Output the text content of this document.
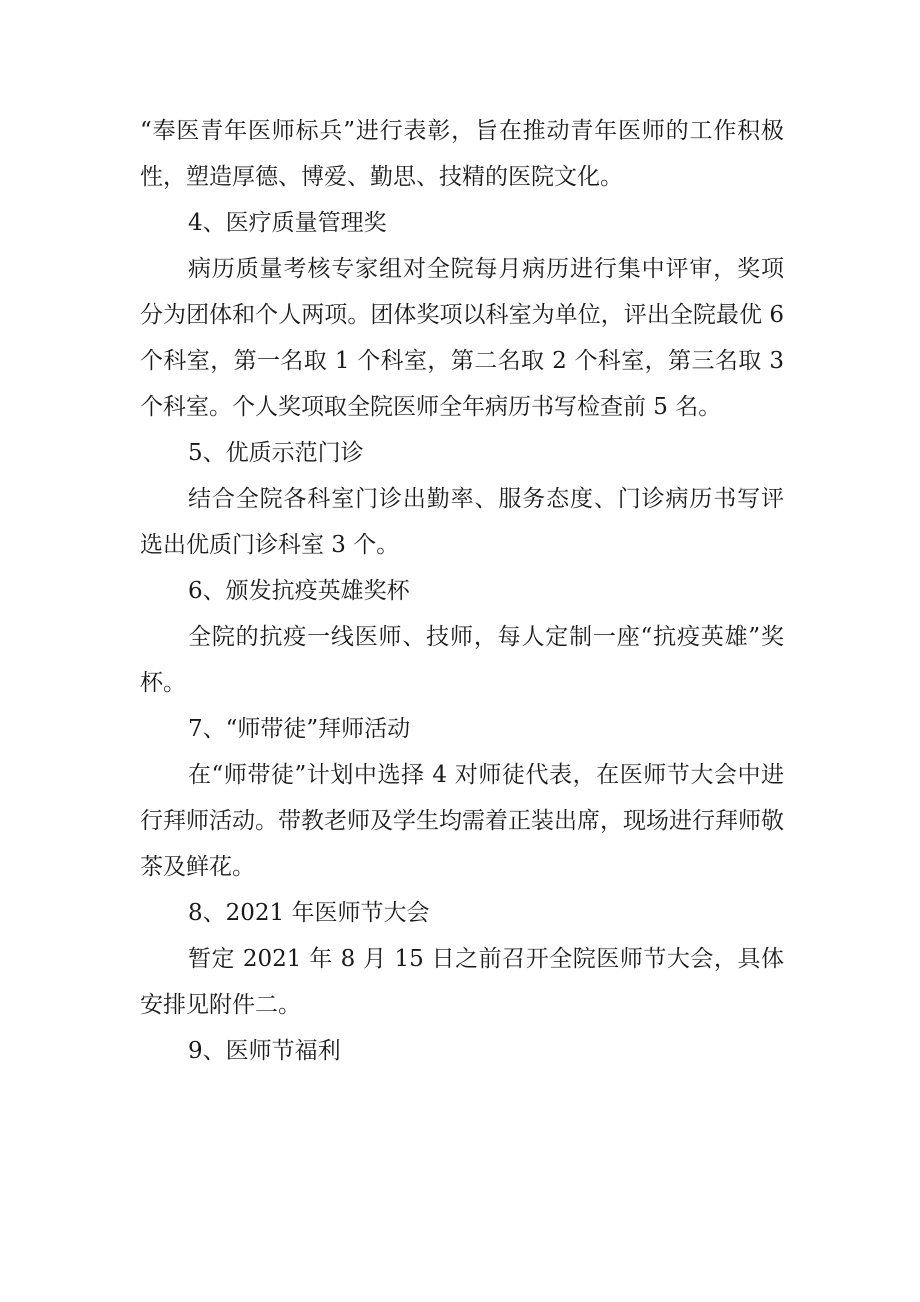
“奉医青年医师标兵”进行表彰，旨在推动青年医师的工作积极性，塑造厚德、博爱、勤思、技精的医院文化。

4、医疗质量管理奖

病历质量考核专家组对全院每月病历进行集中评审，奖项分为团体和个人两项。团体奖项以科室为单位，评出全院最优 6 个科室，第一名取 1 个科室，第二名取 2 个科室，第三名取 3 个科室。个人奖项取全院医师全年病历书写检查前 5 名。

5、优质示范门诊

结合全院各科室门诊出勤率、服务态度、门诊病历书写评选出优质门诊科室 3 个。

6、颁发抗疫英雄奖杯

全院的抗疫一线医师、技师，每人定制一座“抗疫英雄”奖杯。

7、“师带徒”拜师活动

在“师带徒”计划中选择 4 对师徒代表，在医师节大会中进行拜师活动。带教老师及学生均需着正装出席，现场进行拜师敬茶及鲜花。

8、2021 年医师节大会

暂定 2021 年 8 月 15 日之前召开全院医师节大会，具体安排见附件二。

9、医师节福利
